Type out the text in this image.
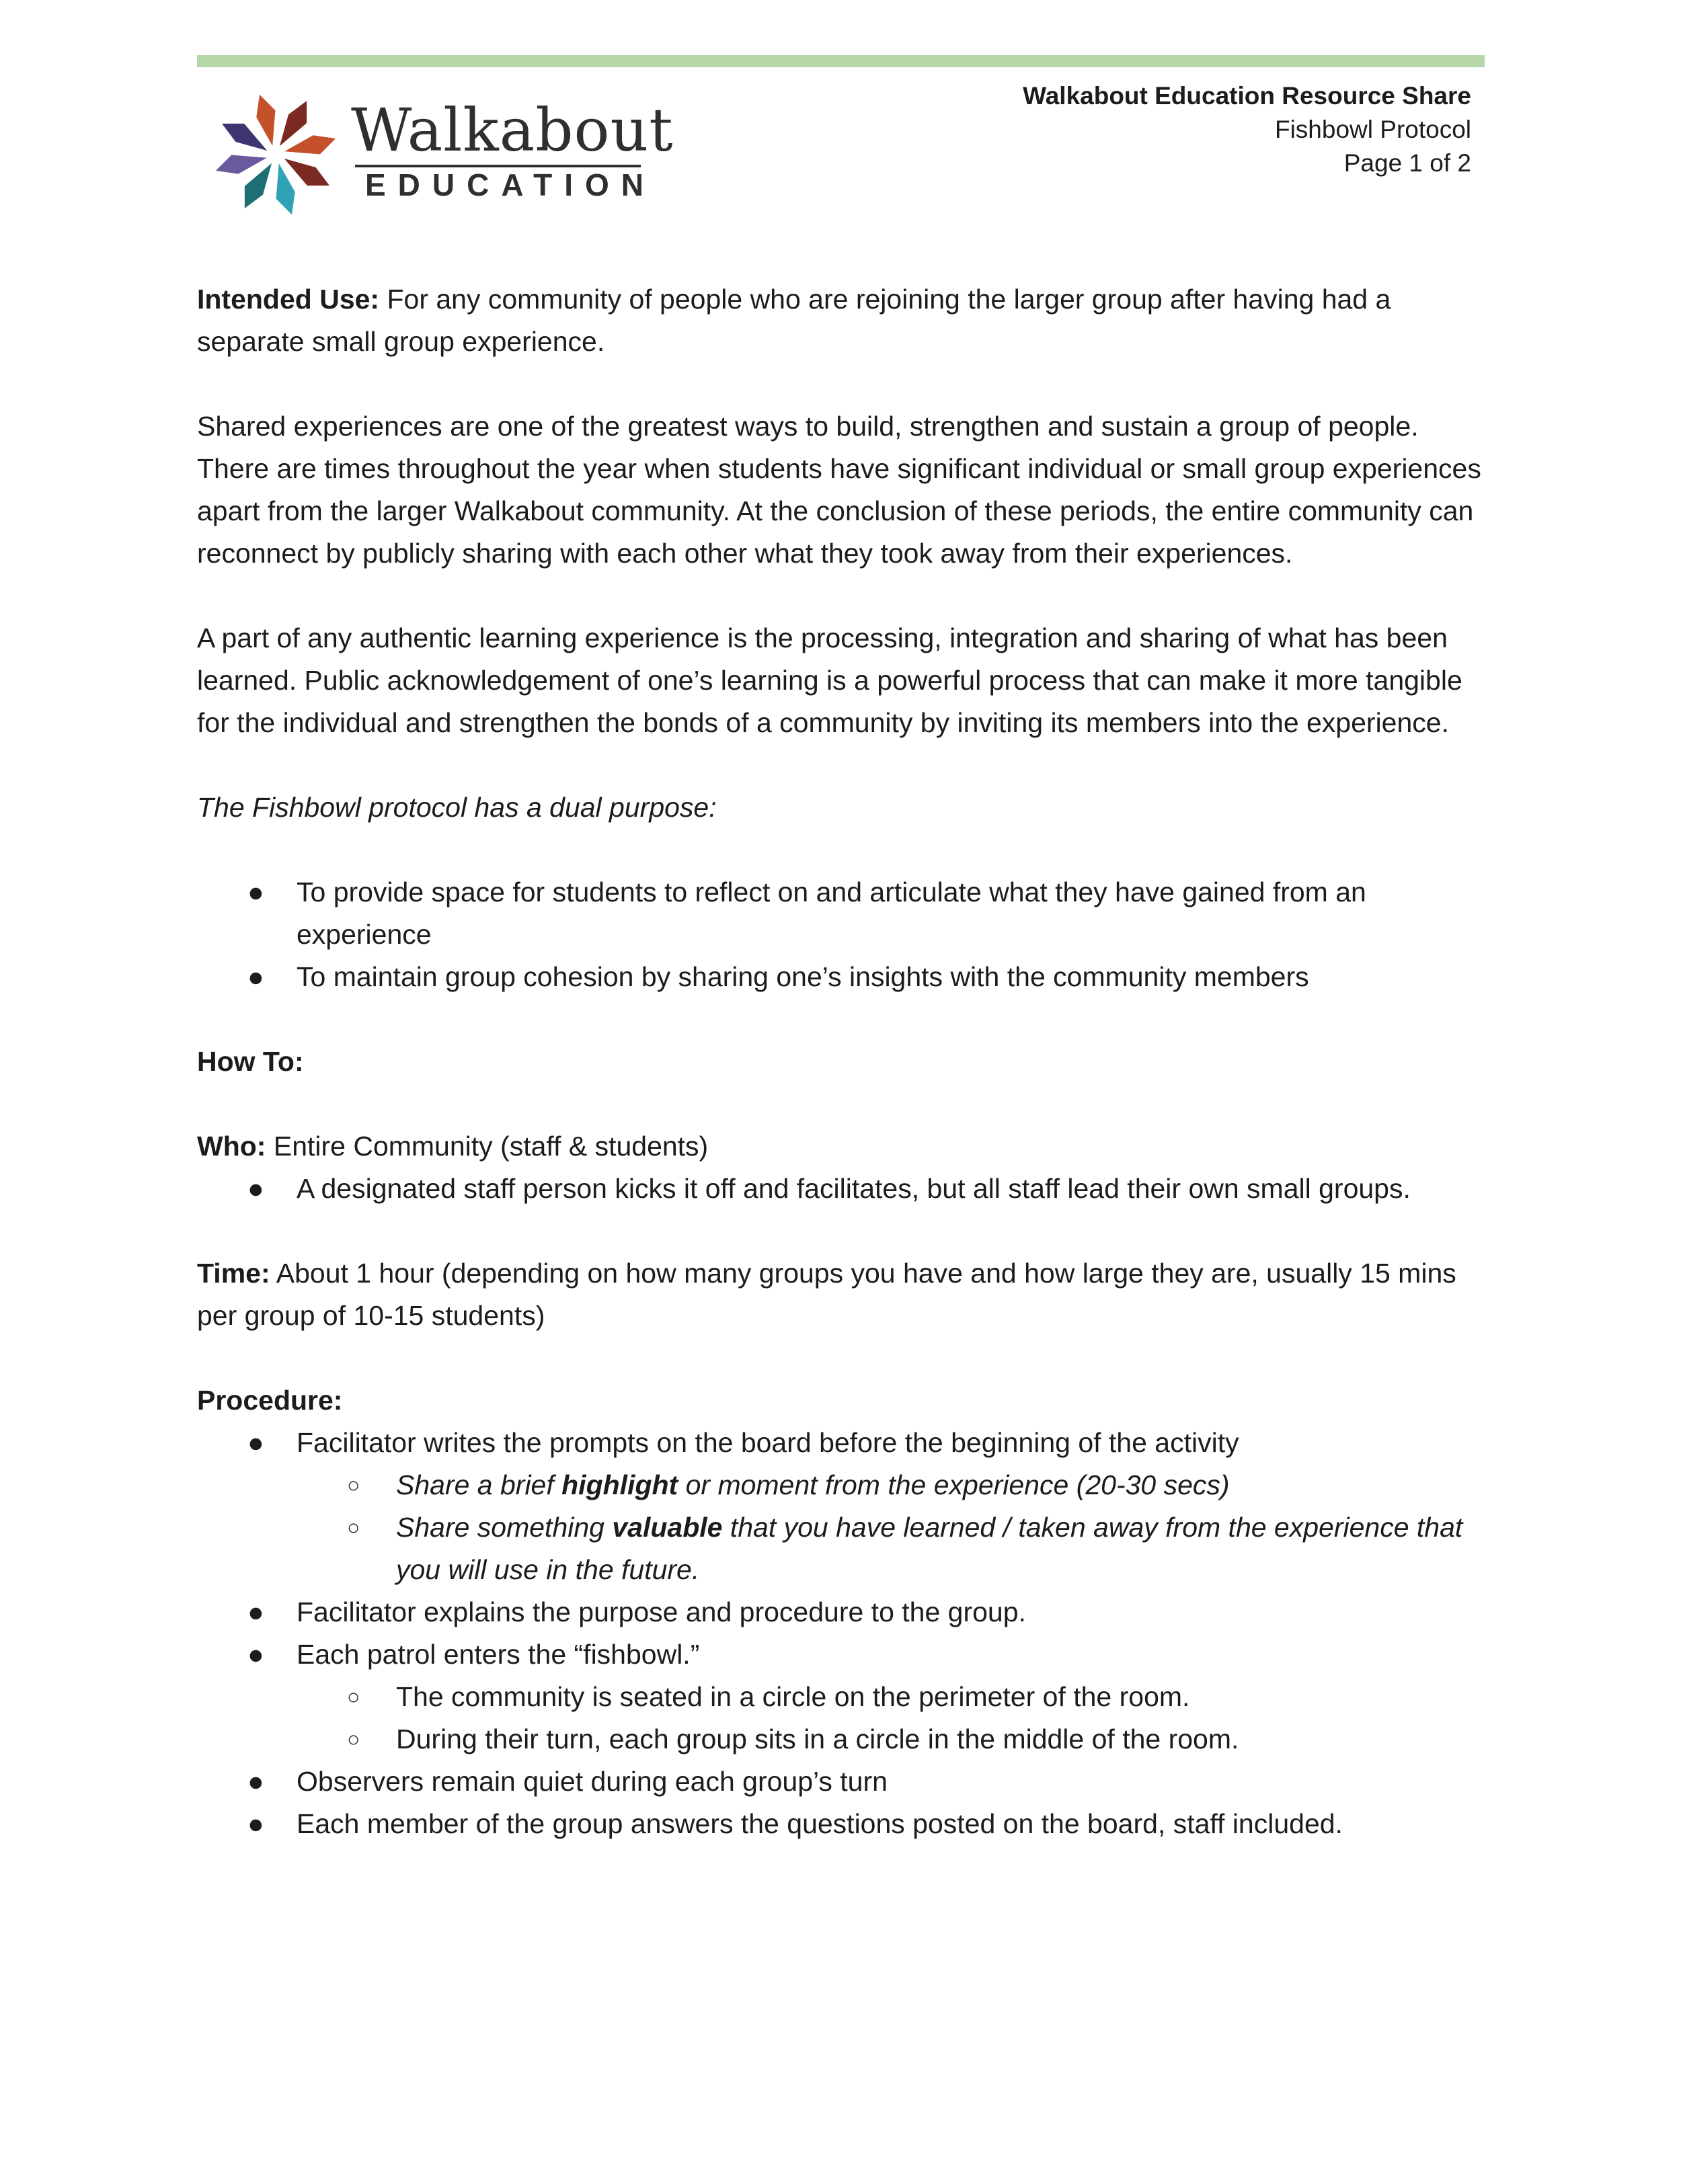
Walkabout
EDUCATION
Walkabout Education Resource Share
Fishbowl Protocol
Page 1 of 2

Intended Use: For any community of people who are rejoining the larger group after having had a separate small group experience.

Shared experiences are one of the greatest ways to build, strengthen and sustain a group of people. There are times throughout the year when students have significant individual or small group experiences apart from the larger Walkabout community. At the conclusion of these periods, the entire community can reconnect by publicly sharing with each other what they took away from their experiences.

A part of any authentic learning experience is the processing, integration and sharing of what has been learned. Public acknowledgement of one’s learning is a powerful process that can make it more tangible for the individual and strengthen the bonds of a community by inviting its members into the experience.

The Fishbowl protocol has a dual purpose:

● To provide space for students to reflect on and articulate what they have gained from an experience
● To maintain group cohesion by sharing one’s insights with the community members

How To:

Who: Entire Community (staff & students)

● A designated staff person kicks it off and facilitates, but all staff lead their own small groups.

Time: About 1 hour (depending on how many groups you have and how large they are, usually 15 mins per group of 10-15 students)

Procedure:

● Facilitator writes the prompts on the board before the beginning of the activity
○ Share a brief highlight or moment from the experience (20-30 secs)
○ Share something valuable that you have learned / taken away from the experience that you will use in the future.
● Facilitator explains the purpose and procedure to the group.
● Each patrol enters the “fishbowl.”
○ The community is seated in a circle on the perimeter of the room.
○ During their turn, each group sits in a circle in the middle of the room.
● Observers remain quiet during each group’s turn
● Each member of the group answers the questions posted on the board, staff included.
